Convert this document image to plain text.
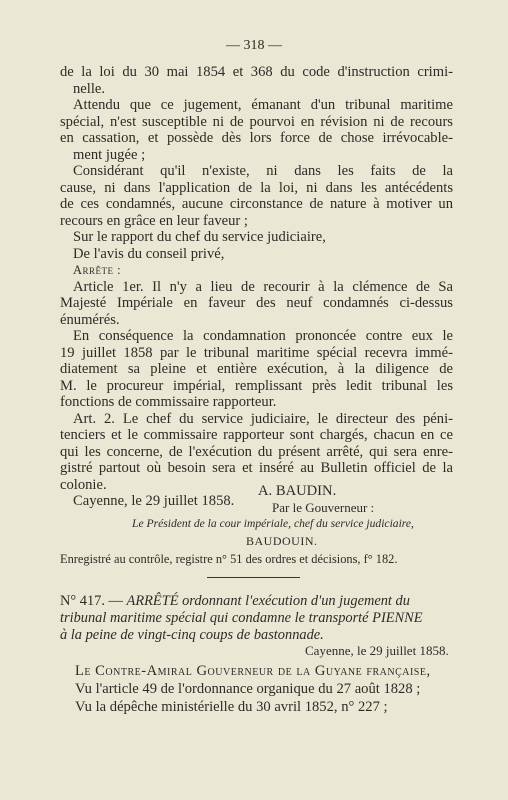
— 318 —
de la loi du 30 mai 1854 et 368 du code d'instruction crimi-
nelle.
Attendu que ce jugement, émanant d'un tribunal maritime
spécial, n'est susceptible ni de pourvoi en révision ni de recours
en cassation, et possède dès lors force de chose irrévocable-
ment jugée ;
Considérant qu'il n'existe, ni dans les faits de la
cause, ni dans l'application de la loi, ni dans les antécédents
de ces condamnés, aucune circonstance de nature à motiver un
recours en grâce en leur faveur ;
Sur le rapport du chef du service judiciaire,
De l'avis du conseil privé,
Arrête :
Article 1er. Il n'y a lieu de recourir à la clémence de Sa
Majesté Impériale en faveur des neuf condamnés ci-dessus
énumérés.
En conséquence la condamnation prononcée contre eux le
19 juillet 1858 par le tribunal maritime spécial recevra immé-
diatement sa pleine et entière exécution, à la diligence de
M. le procureur impérial, remplissant près ledit tribunal les
fonctions de commissaire rapporteur.
Art. 2. Le chef du service judiciaire, le directeur des péni-
tenciers et le commissaire rapporteur sont chargés, chacun en ce
qui les concerne, de l'exécution du présent arrêté, qui sera enre-
gistré partout où besoin sera et inséré au Bulletin officiel de la
colonie.
Cayenne, le 29 juillet 1858.
A. BAUDIN.
Par le Gouverneur :
Le Président de la cour impériale, chef du service judiciaire,
BAUDOUIN.
Enregistré au contrôle, registre n° 51 des ordres et décisions, f° 182.
N° 417. — ARRÊTÉ ordonnant l'exécution d'un jugement du
tribunal maritime spécial qui condamne le transporté PIENNE
à la peine de vingt-cinq coups de bastonnade.
Cayenne, le 29 juillet 1858.
Le Contre-Amiral Gouverneur de la Guyane française,
Vu l'article 49 de l'ordonnance organique du 27 août 1828 ;
Vu la dépêche ministérielle du 30 avril 1852, n° 227 ;
